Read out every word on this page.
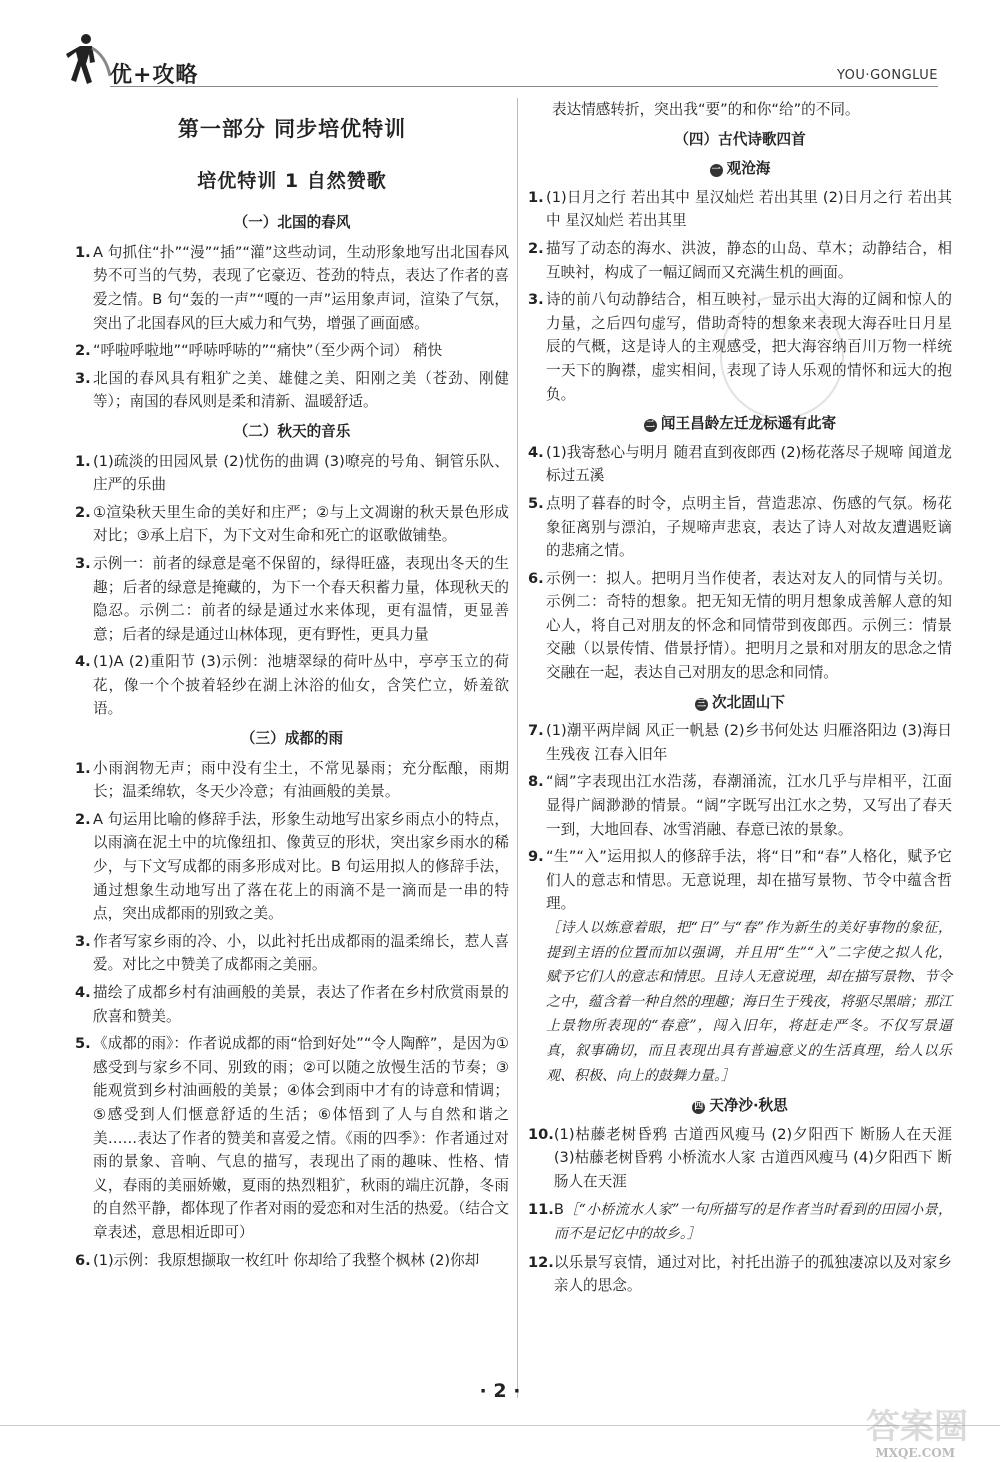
优+攻略	YOU·GONGLUE
第一部分 同步培优特训
培优特训 1 自然赞歌
（一）北国的春风
1. A 句抓住“扑”“漫”“插”“灌”这些动词，生动形象地写出北国春风势不可当的气势，表现了它豪迈、苍劲的特点，表达了作者的喜爱之情。B 句“轰的一声”“嘎的一声”运用象声词，渲染了气氛，突出了北国春风的巨大威力和气势，增强了画面感。
2. “呼啦呼啦地”“呼哧呼哧的”“痛快”（至少两个词） 稍快
3. 北国的春风具有粗犷之美、雄健之美、阳刚之美（苍劲、刚健等）；南国的春风则是柔和清新、温暖舒适。
（二）秋天的音乐
1. (1)疏淡的田园风景 (2)忧伤的曲调 (3)嘹亮的号角、铜管乐队、庄严的乐曲
2. ①渲染秋天里生命的美好和庄严；②与上文凋谢的秋天景色形成对比；③承上启下，为下文对生命和死亡的讴歌做铺垫。
3. 示例一：前者的绿意是毫不保留的，绿得旺盛，表现出冬天的生趣；后者的绿意是掩藏的，为下一个春天积蓄力量，体现秋天的隐忍。示例二：前者的绿是通过水来体现，更有温情，更显善意；后者的绿是通过山林体现，更有野性，更具力量
4. (1)A (2)重阳节 (3)示例：池塘翠绿的荷叶丛中，亭亭玉立的荷花，像一个个披着轻纱在湖上沐浴的仙女，含笑伫立，娇羞欲语。
（三）成都的雨
1. 小雨润物无声；雨中没有尘土，不常见暴雨；充分酝酿，雨期长；温柔绵软，冬天少冷意；有油画般的美景。
2. A 句运用比喻的修辞手法，形象生动地写出家乡雨点小的特点，以雨滴在泥土中的坑像纽扣、像黄豆的形状，突出家乡雨水的稀少，与下文写成都的雨多形成对比。B 句运用拟人的修辞手法，通过想象生动地写出了落在花上的雨滴不是一滴而是一串的特点，突出成都雨的别致之美。
3. 作者写家乡雨的冷、小，以此衬托出成都雨的温柔绵长，惹人喜爱。对比之中赞美了成都雨之美丽。
4. 描绘了成都乡村有油画般的美景，表达了作者在乡村欣赏雨景的欣喜和赞美。
5. 《成都的雨》：作者说成都的雨“恰到好处”“令人陶醉”，是因为①感受到与家乡不同、别致的雨；②可以随之放慢生活的节奏；③能观赏到乡村油画般的美景；④体会到雨中才有的诗意和情调；⑤感受到人们惬意舒适的生活；⑥体悟到了人与自然和谐之美……表达了作者的赞美和喜爱之情。《雨的四季》：作者通过对雨的景象、音响、气息的描写，表现出了雨的趣味、性格、情义，春雨的美丽娇嫩，夏雨的热烈粗犷，秋雨的端庄沉静，冬雨的自然平静，都体现了作者对雨的爱恋和对生活的热爱。（结合文章表述，意思相近即可）
6. (1)示例：我原想撷取一枚红叶 你却给了我整个枫林 (2)你却
表达情感转折，突出我“要”的和你“给”的不同。
（四）古代诗歌四首
一 观沧海
1. (1)日月之行 若出其中 星汉灿烂 若出其里 (2)日月之行 若出其中 星汉灿烂 若出其里
2. 描写了动态的海水、洪波，静态的山岛、草木；动静结合，相互映衬，构成了一幅辽阔而又充满生机的画面。
3. 诗的前八句动静结合，相互映衬，显示出大海的辽阔和惊人的力量，之后四句虚写，借助奇特的想象来表现大海吞吐日月星辰的气概，这是诗人的主观感受，把大海容纳百川万物一样统一天下的胸襟，虚实相间，表现了诗人乐观的情怀和远大的抱负。
二 闻王昌龄左迁龙标遥有此寄
4. (1)我寄愁心与明月 随君直到夜郎西 (2)杨花落尽子规啼 闻道龙标过五溪
5. 点明了暮春的时令，点明主旨，营造悲凉、伤感的气氛。杨花象征离别与漂泊，子规啼声悲哀，表达了诗人对故友遭遇贬谪的悲痛之情。
6. 示例一：拟人。把明月当作使者，表达对友人的同情与关切。示例二：奇特的想象。把无知无情的明月想象成善解人意的知心人，将自己对朋友的怀念和同情带到夜郎西。示例三：情景交融（以景传情、借景抒情）。把明月之景和对朋友的思念之情交融在一起，表达自己对朋友的思念和同情。
三 次北固山下
7. (1)潮平两岸阔 风正一帆悬 (2)乡书何处达 归雁洛阳边 (3)海日生残夜 江春入旧年
8. “阔”字表现出江水浩荡，春潮涌流，江水几乎与岸相平，江面显得广阔渺渺的情景。“阔”字既写出江水之势，又写出了春天一到，大地回春、冰雪消融、春意已浓的景象。
9. “生”“入”运用拟人的修辞手法，将“日”和“春”人格化，赋予它们人的意志和情思。无意说理，却在描写景物、节令中蕴含哲理。
［诗人以炼意着眼，把“日”与“春”作为新生的美好事物的象征，提到主语的位置而加以强调，并且用“生”“入”二字使之拟人化，赋予它们人的意志和情思。且诗人无意说理，却在描写景物、节令之中，蕴含着一种自然的理趣；海日生于残夜，将驱尽黑暗；那江上景物所表现的“春意”，闯入旧年，将赶走严冬。不仅写景逼真，叙事确切，而且表现出具有普遍意义的生活真理，给人以乐观、积极、向上的鼓舞力量。］
四 天净沙·秋思
10. (1)枯藤老树昏鸦 古道西风瘦马 (2)夕阳西下 断肠人在天涯 (3)枯藤老树昏鸦 小桥流水人家 古道西风瘦马 (4)夕阳西下 断肠人在天涯
11. B［“小桥流水人家”一句所描写的是作者当时看到的田园小景，而不是记忆中的故乡。］
12. 以乐景写哀情，通过对比，衬托出游子的孤独凄凉以及对家乡亲人的思念。
· 2 ·
答案圈
MXQE.COM
